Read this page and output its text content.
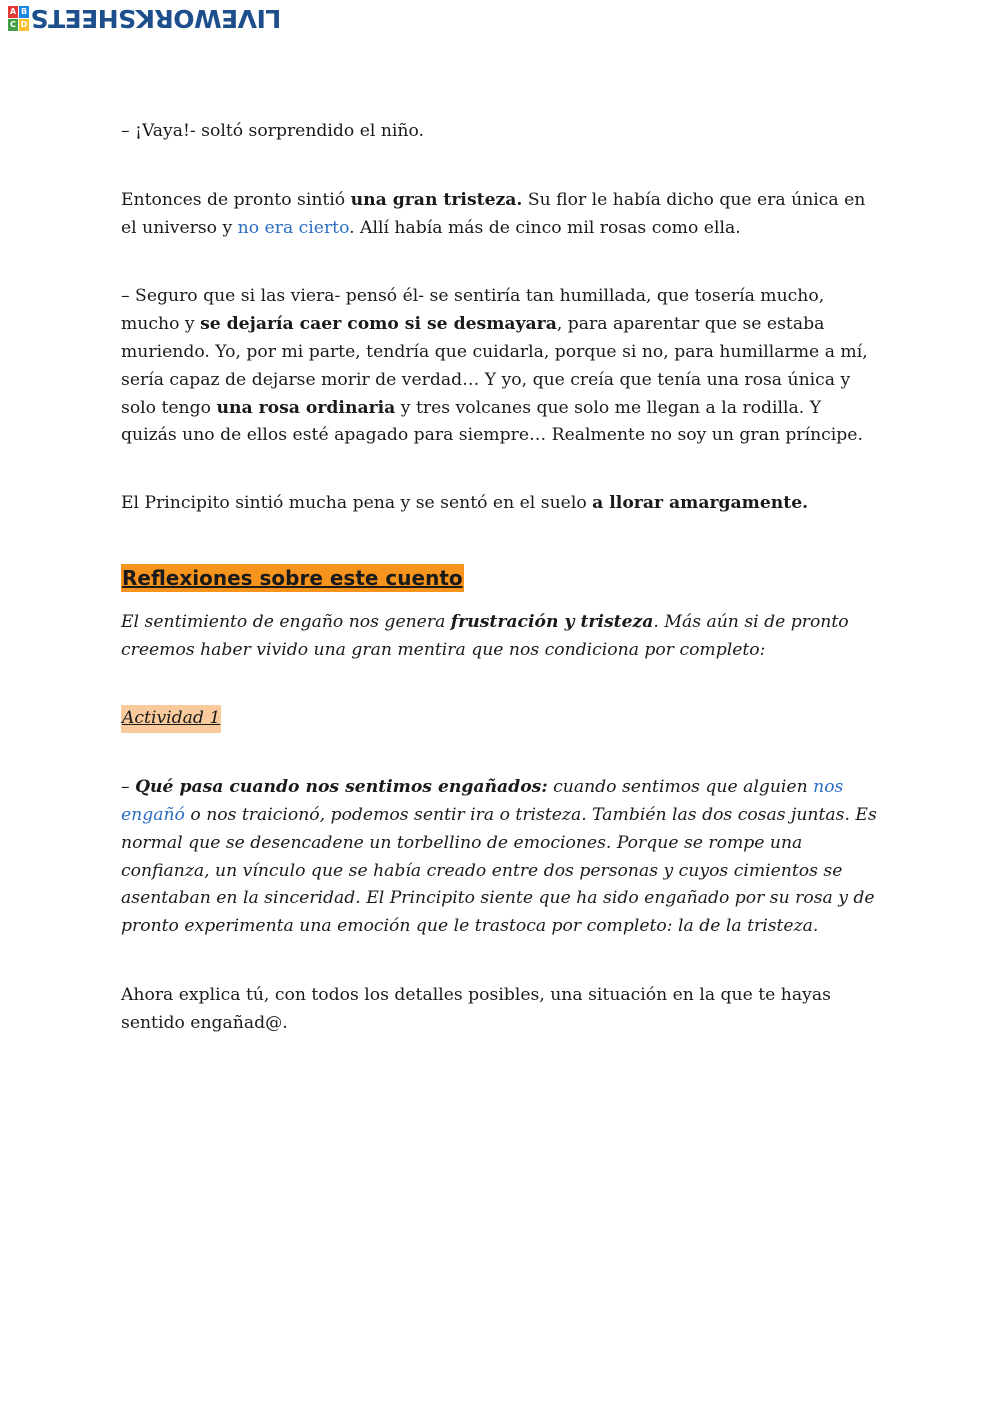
A B
C D LIVEWORKSHEETS

– ¡Vaya!- soltó sorprendido el niño.

Entonces de pronto sintió una gran tristeza. Su flor le había dicho que era única en el universo y no era cierto. Allí había más de cinco mil rosas como ella.

– Seguro que si las viera- pensó él- se sentiría tan humillada, que tosería mucho, mucho y se dejaría caer como si se desmayara, para aparentar que se estaba muriendo. Yo, por mi parte, tendría que cuidarla, porque si no, para humillarme a mí, sería capaz de dejarse morir de verdad… Y yo, que creía que tenía una rosa única y solo tengo una rosa ordinaria y tres volcanes que solo me llegan a la rodilla. Y quizás uno de ellos esté apagado para siempre… Realmente no soy un gran príncipe.

El Principito sintió mucha pena y se sentó en el suelo a llorar amargamente.

Reflexiones sobre este cuento

El sentimiento de engaño nos genera frustración y tristeza. Más aún si de pronto creemos haber vivido una gran mentira que nos condiciona por completo:

Actividad 1

– Qué pasa cuando nos sentimos engañados: cuando sentimos que alguien nos engañó o nos traicionó, podemos sentir ira o tristeza. También las dos cosas juntas. Es normal que se desencadene un torbellino de emociones. Porque se rompe una confianza, un vínculo que se había creado entre dos personas y cuyos cimientos se asentaban en la sinceridad. El Principito siente que ha sido engañado por su rosa y de pronto experimenta una emoción que le trastoca por completo: la de la tristeza.

Ahora explica tú, con todos los detalles posibles, una situación en la que te hayas sentido engañad@.
